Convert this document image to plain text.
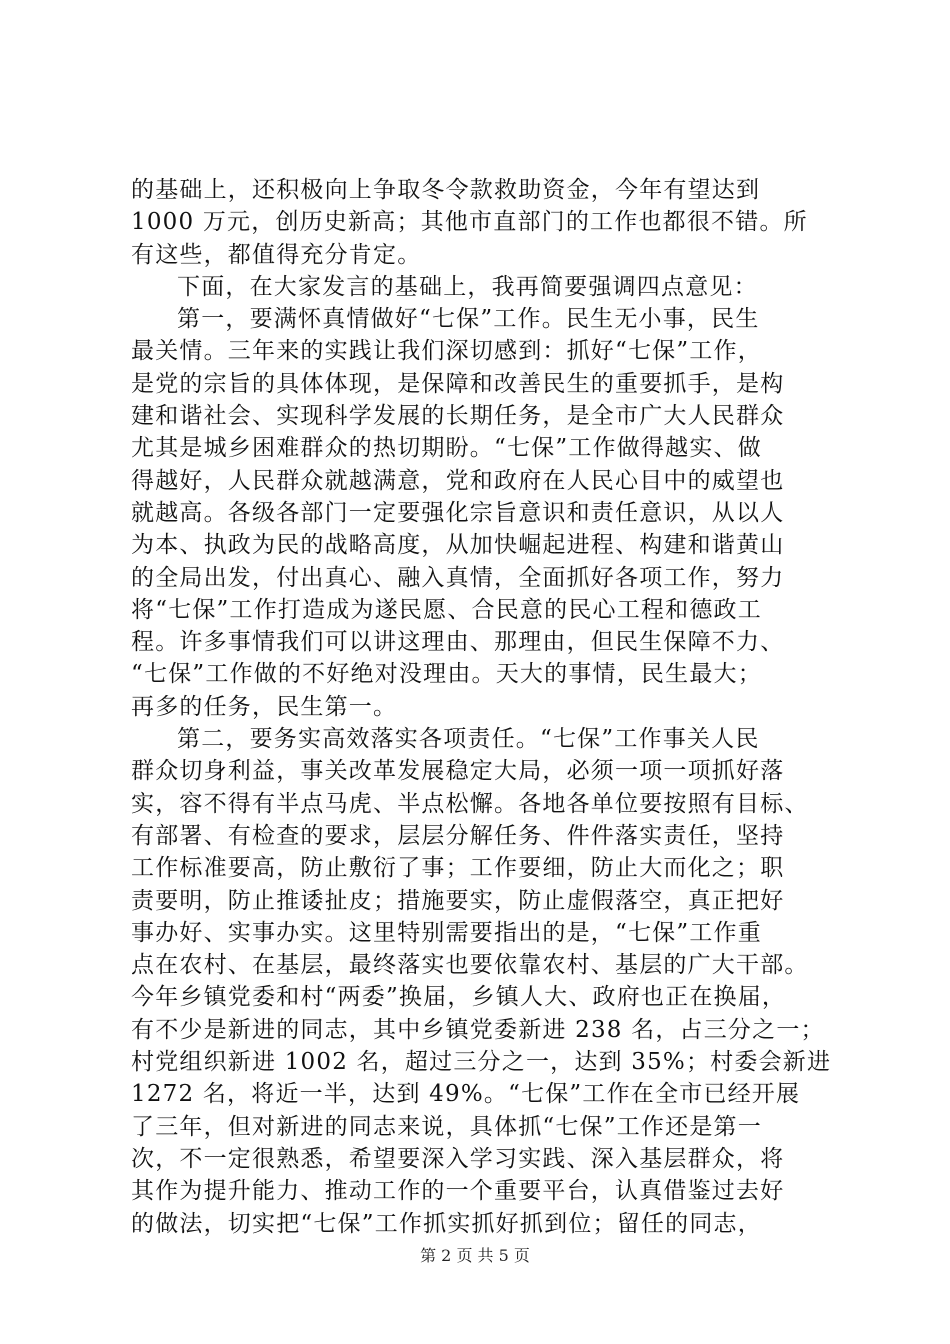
的基础上，还积极向上争取冬令款救助资金，今年有望达到
1000 万元，创历史新高；其他市直部门的工作也都很不错。所
有这些，都值得充分肯定。
下面，在大家发言的基础上，我再简要强调四点意见：
第一，要满怀真情做好“七保”工作。民生无小事，民生
最关情。三年来的实践让我们深切感到：抓好“七保”工作，
是党的宗旨的具体体现，是保障和改善民生的重要抓手，是构
建和谐社会、实现科学发展的长期任务，是全市广大人民群众
尤其是城乡困难群众的热切期盼。“七保”工作做得越实、做
得越好，人民群众就越满意，党和政府在人民心目中的威望也
就越高。各级各部门一定要强化宗旨意识和责任意识，从以人
为本、执政为民的战略高度，从加快崛起进程、构建和谐黄山
的全局出发，付出真心、融入真情，全面抓好各项工作，努力
将“七保”工作打造成为遂民愿、合民意的民心工程和德政工
程。许多事情我们可以讲这理由、那理由，但民生保障不力、
“七保”工作做的不好绝对没理由。天大的事情，民生最大；
再多的任务，民生第一。
第二，要务实高效落实各项责任。“七保”工作事关人民
群众切身利益，事关改革发展稳定大局，必须一项一项抓好落
实，容不得有半点马虎、半点松懈。各地各单位要按照有目标、
有部署、有检查的要求，层层分解任务、件件落实责任，坚持
工作标准要高，防止敷衍了事；工作要细，防止大而化之；职
责要明，防止推诿扯皮；措施要实，防止虚假落空，真正把好
事办好、实事办实。这里特别需要指出的是，“七保”工作重
点在农村、在基层，最终落实也要依靠农村、基层的广大干部。
今年乡镇党委和村“两委”换届，乡镇人大、政府也正在换届，
有不少是新进的同志，其中乡镇党委新进 238 名，占三分之一；
村党组织新进 1002 名，超过三分之一，达到 35%；村委会新进
1272 名，将近一半，达到 49%。“七保”工作在全市已经开展
了三年，但对新进的同志来说，具体抓“七保”工作还是第一
次，不一定很熟悉，希望要深入学习实践、深入基层群众，将
其作为提升能力、推动工作的一个重要平台，认真借鉴过去好
的做法，切实把“七保”工作抓实抓好抓到位；留任的同志，
第 2 页 共 5 页
